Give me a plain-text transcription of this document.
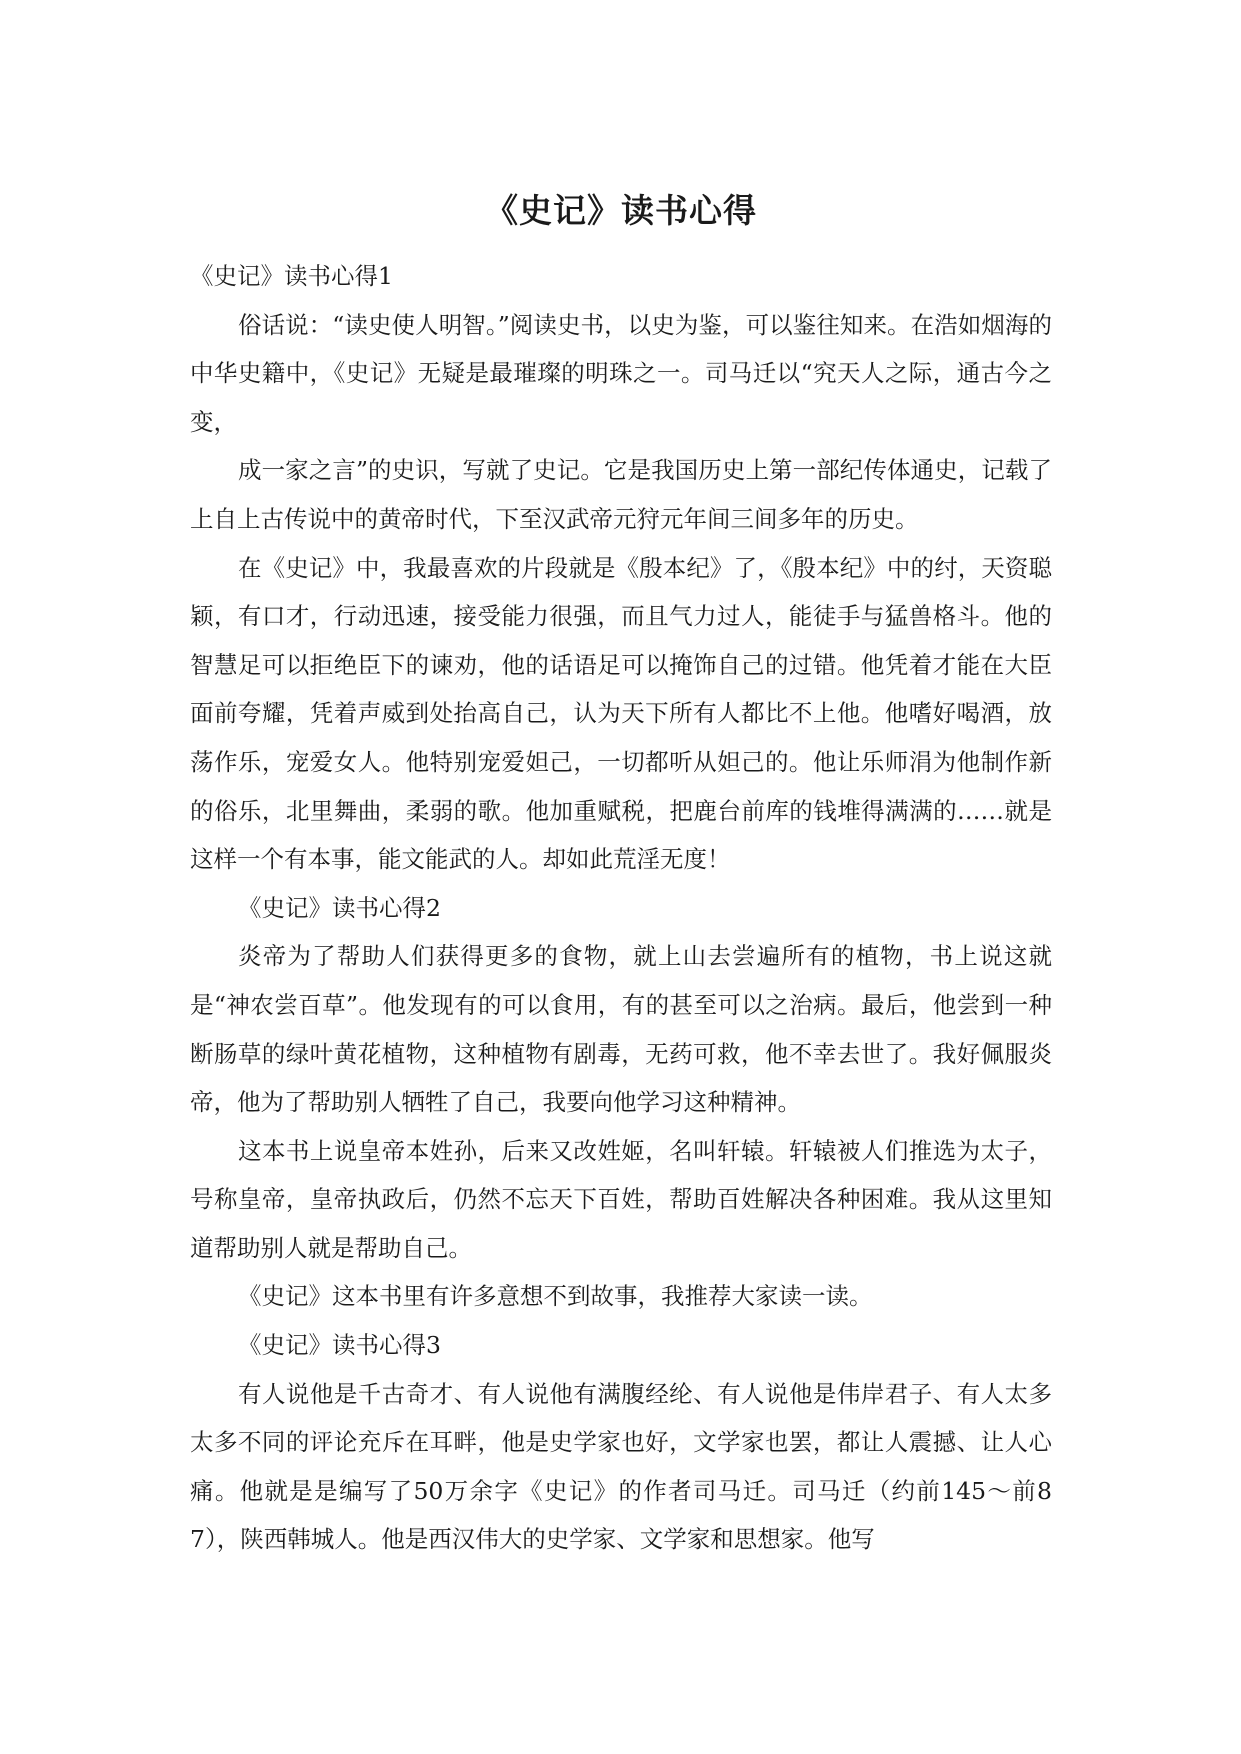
《史记》读书心得

《史记》读书心得1

俗话说：“读史使人明智。”阅读史书，以史为鉴，可以鉴往知来。在浩如烟海的中华史籍中，《史记》无疑是最璀璨的明珠之一。司马迁以“究天人之际，通古今之变，

成一家之言”的史识，写就了史记。它是我国历史上第一部纪传体通史，记载了上自上古传说中的黄帝时代，下至汉武帝元狩元年间三间多年的历史。

在《史记》中，我最喜欢的片段就是《殷本纪》了，《殷本纪》中的纣，天资聪颖，有口才，行动迅速，接受能力很强，而且气力过人，能徒手与猛兽格斗。他的智慧足可以拒绝臣下的谏劝，他的话语足可以掩饰自己的过错。他凭着才能在大臣面前夸耀，凭着声威到处抬高自己，认为天下所有人都比不上他。他嗜好喝酒，放荡作乐，宠爱女人。他特别宠爱妲己，一切都听从妲己的。他让乐师涓为他制作新的俗乐，北里舞曲，柔弱的歌。他加重赋税，把鹿台前库的钱堆得满满的……就是这样一个有本事，能文能武的人。却如此荒淫无度！

《史记》读书心得2

炎帝为了帮助人们获得更多的食物，就上山去尝遍所有的植物，书上说这就是“神农尝百草”。他发现有的可以食用，有的甚至可以之治病。最后，他尝到一种断肠草的绿叶黄花植物，这种植物有剧毒，无药可救，他不幸去世了。我好佩服炎帝，他为了帮助别人牺牲了自己，我要向他学习这种精神。

这本书上说皇帝本姓孙，后来又改姓姬，名叫轩辕。轩辕被人们推选为太子，号称皇帝，皇帝执政后，仍然不忘天下百姓，帮助百姓解决各种困难。我从这里知道帮助别人就是帮助自己。

《史记》这本书里有许多意想不到故事，我推荐大家读一读。

《史记》读书心得3

有人说他是千古奇才、有人说他有满腹经纶、有人说他是伟岸君子、有人太多太多不同的评论充斥在耳畔，他是史学家也好，文学家也罢，都让人震撼、让人心痛。他就是是编写了50万余字《史记》的作者司马迁。司马迁（约前145～前87），陕西韩城人。他是西汉伟大的史学家、文学家和思想家。他写
